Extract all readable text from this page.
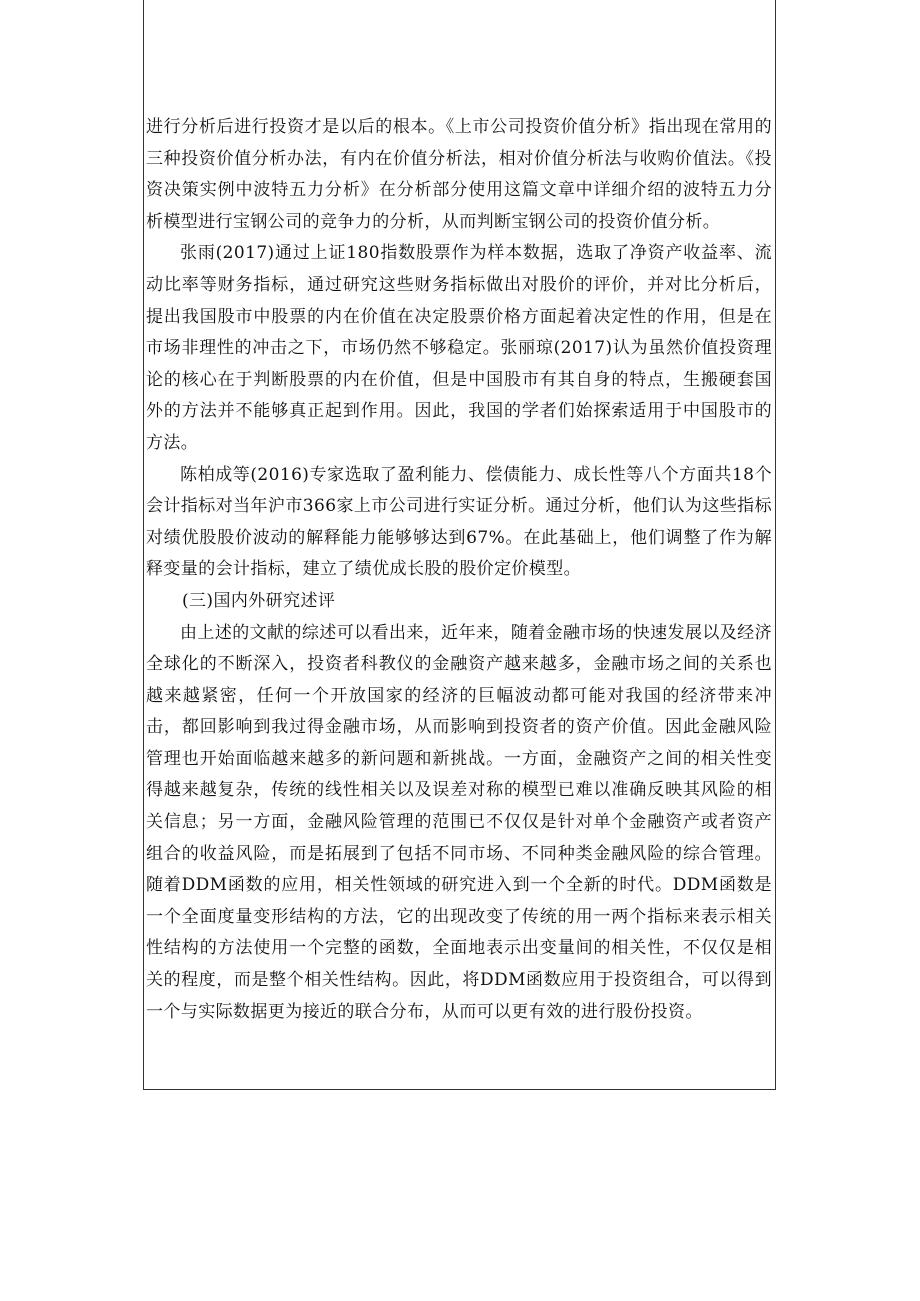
进行分析后进行投资才是以后的根本。《上市公司投资价值分析》指出现在常用的三种投资价值分析办法，有内在价值分析法，相对价值分析法与收购价值法。《投资决策实例中波特五力分析》在分析部分使用这篇文章中详细介绍的波特五力分析模型进行宝钢公司的竞争力的分析，从而判断宝钢公司的投资价值分析。

张雨(2017)通过上证180指数股票作为样本数据，选取了净资产收益率、流动比率等财务指标，通过研究这些财务指标做出对股价的评价，并对比分析后，提出我国股市中股票的内在价值在决定股票价格方面起着决定性的作用，但是在市场非理性的冲击之下，市场仍然不够稳定。张丽琼(2017)认为虽然价值投资理论的核心在于判断股票的内在价值，但是中国股市有其自身的特点，生搬硬套国外的方法并不能够真正起到作用。因此，我国的学者们始探索适用于中国股市的方法。

陈柏成等(2016)专家选取了盈利能力、偿债能力、成长性等八个方面共18个会计指标对当年沪市366家上市公司进行实证分析。通过分析，他们认为这些指标对绩优股股价波动的解释能力能够够达到67%。在此基础上，他们调整了作为解释变量的会计指标，建立了绩优成长股的股价定价模型。

(三)国内外研究述评

由上述的文献的综述可以看出来，近年来，随着金融市场的快速发展以及经济全球化的不断深入，投资者科教仪的金融资产越来越多，金融市场之间的关系也越来越紧密，任何一个开放国家的经济的巨幅波动都可能对我国的经济带来冲击，都回影响到我过得金融市场，从而影响到投资者的资产价值。因此金融风险管理也开始面临越来越多的新问题和新挑战。一方面，金融资产之间的相关性变得越来越复杂，传统的线性相关以及误差对称的模型已难以准确反映其风险的相关信息；另一方面，金融风险管理的范围已不仅仅是针对单个金融资产或者资产组合的收益风险，而是拓展到了包括不同市场、不同种类金融风险的综合管理。随着DDM函数的应用，相关性领域的研究进入到一个全新的时代。DDM函数是一个全面度量变形结构的方法，它的出现改变了传统的用一两个指标来表示相关性结构的方法使用一个完整的函数，全面地表示出变量间的相关性，不仅仅是相关的程度，而是整个相关性结构。因此，将DDM函数应用于投资组合，可以得到一个与实际数据更为接近的联合分布，从而可以更有效的进行股份投资。
